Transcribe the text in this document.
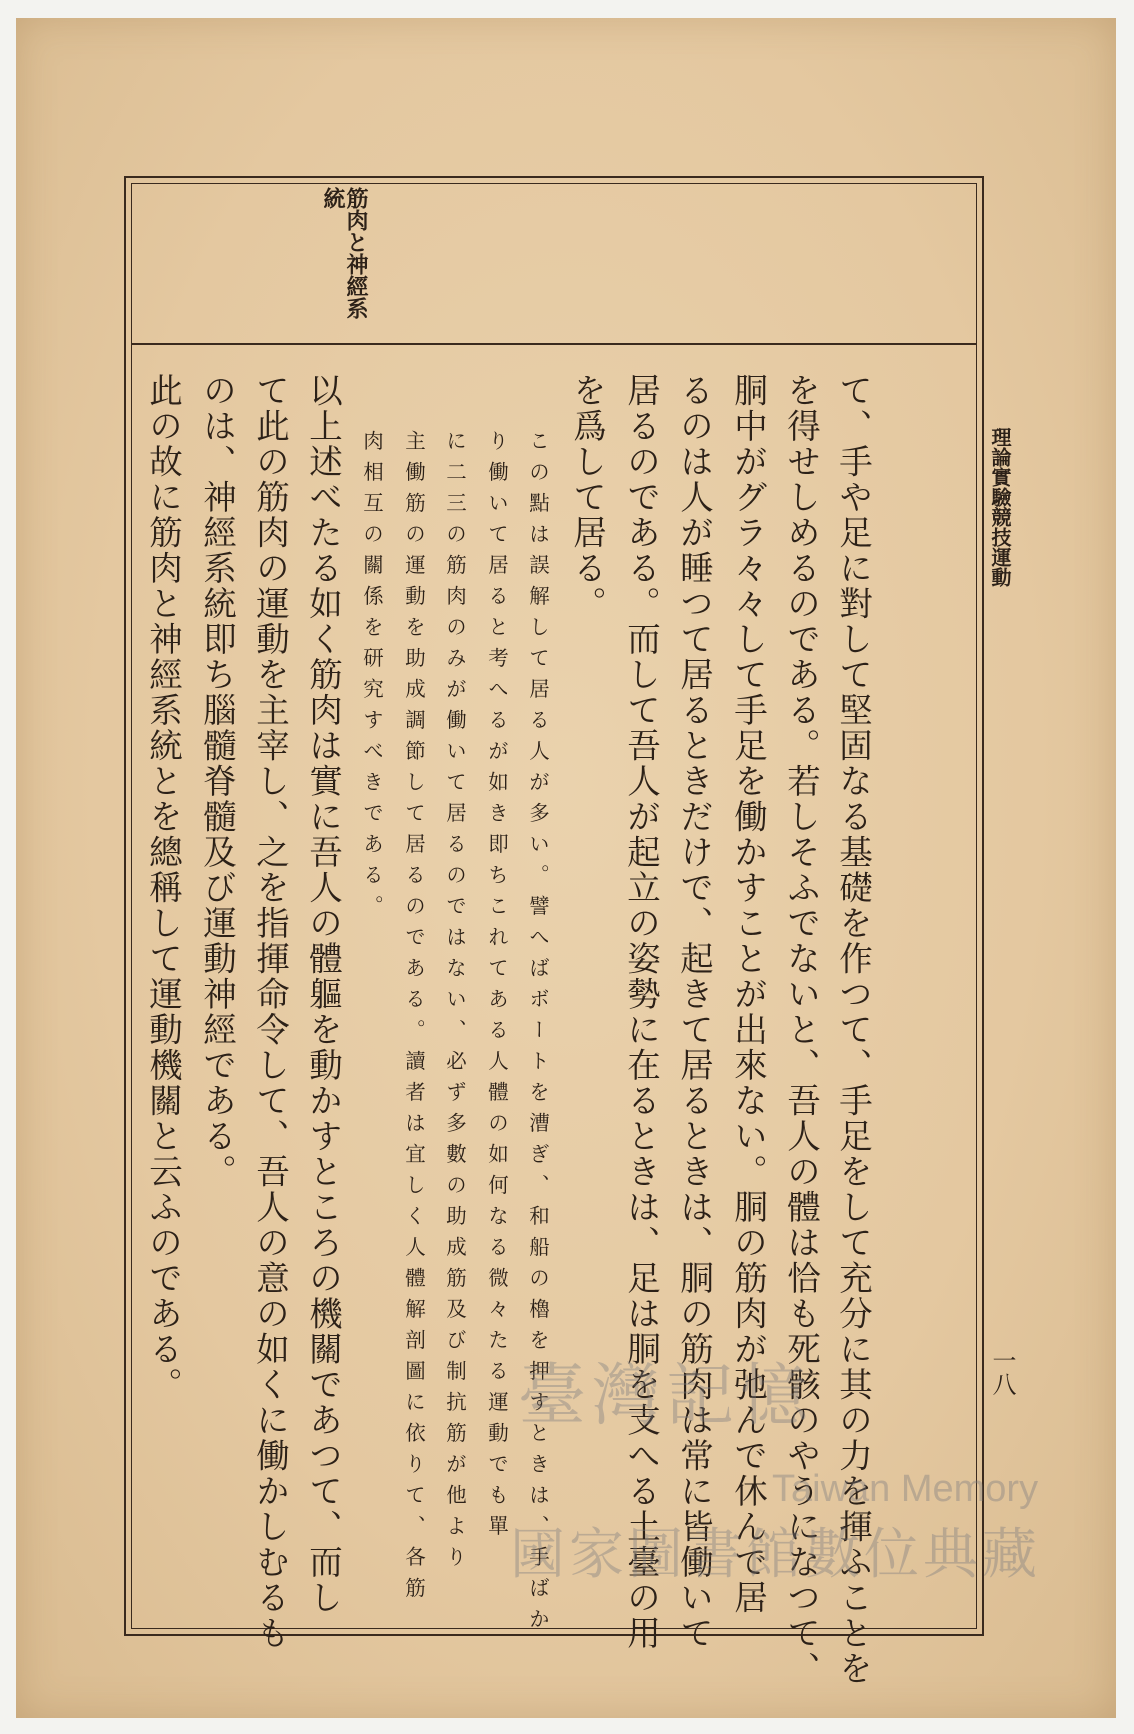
理論實驗競技運動
一八
筋肉と神經系
統
て、手や足に對して堅固なる基礎を作つて、手足をして充分に其の力を揮ふことを
を得せしめるのである。若しそふでないと、吾人の體は恰も死骸のやうになつて、
胴中がグラ々々して手足を働かすことが出來ない。胴の筋肉が弛んで休んで居
るのは人が睡つて居るときだけで、起きて居るときは、胴の筋肉は常に皆働いて
居るのである。而して吾人が起立の姿勢に在るときは、足は胴を支へる土臺の用
を爲して居る。
この點は誤解して居る人が多い。譬へばボートを漕ぎ、和船の櫓を押すときは、手ばか
り働いて居ると考へるが如き即ちこれてある人體の如何なる微々たる運動でも單
に二三の筋肉のみが働いて居るのではない、必ず多數の助成筋及び制抗筋が他より
主働筋の運動を助成調節して居るのである。讀者は宜しく人體解剖圖に依りて、各筋
肉相互の關係を研究すべきである。
以上述べたる如く筋肉は實に吾人の體軀を動かすところの機關であつて、而し
て此の筋肉の運動を主宰し、之を指揮命令して、吾人の意の如くに働かしむるも
のは、神經系統即ち腦髓脊髓及び運動神經である。
此の故に筋肉と神經系統とを總稱して運動機關と云ふのである。	臺灣記憶
Taiwan Memory
國家圖書館數位典藏
